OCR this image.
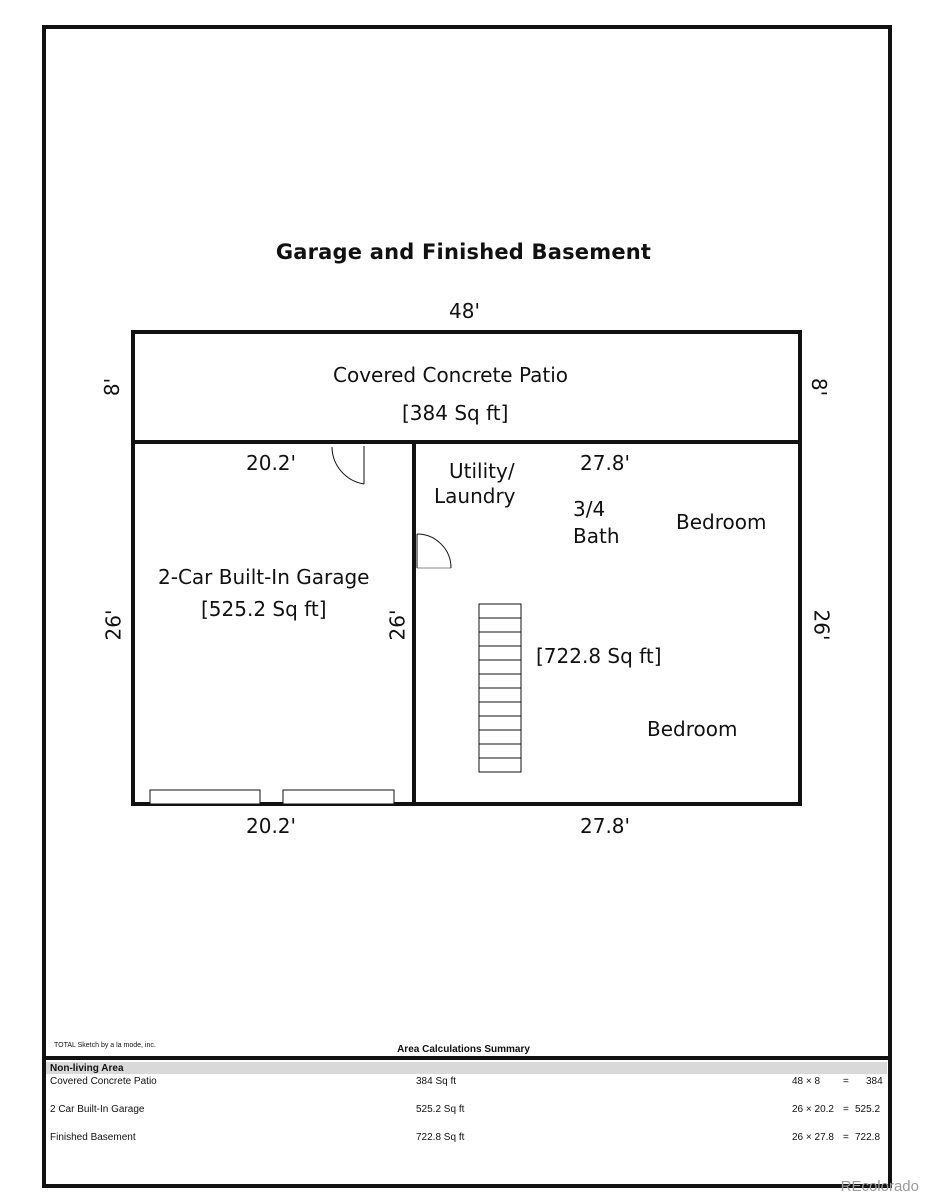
Garage and Finished Basement
48'
8'	8'
20.2'	27.8'
26'	26'	26'
20.2'	27.8'
Covered Concrete Patio
[384 Sq ft]
2-Car Built-In Garage
[525.2 Sq ft]
Utility/
Laundry
3/4
Bath
Bedroom
[722.8 Sq ft]
Bedroom
TOTAL Sketch by a la mode, inc.	Area Calculations Summary
Non-living Area
Covered Concrete Patio	384 Sq ft	48 × 8 = 384
2 Car Built-In Garage	525.2 Sq ft	26 × 20.2 = 525.2
Finished Basement	722.8 Sq ft	26 × 27.8 = 722.8
REcolorado
